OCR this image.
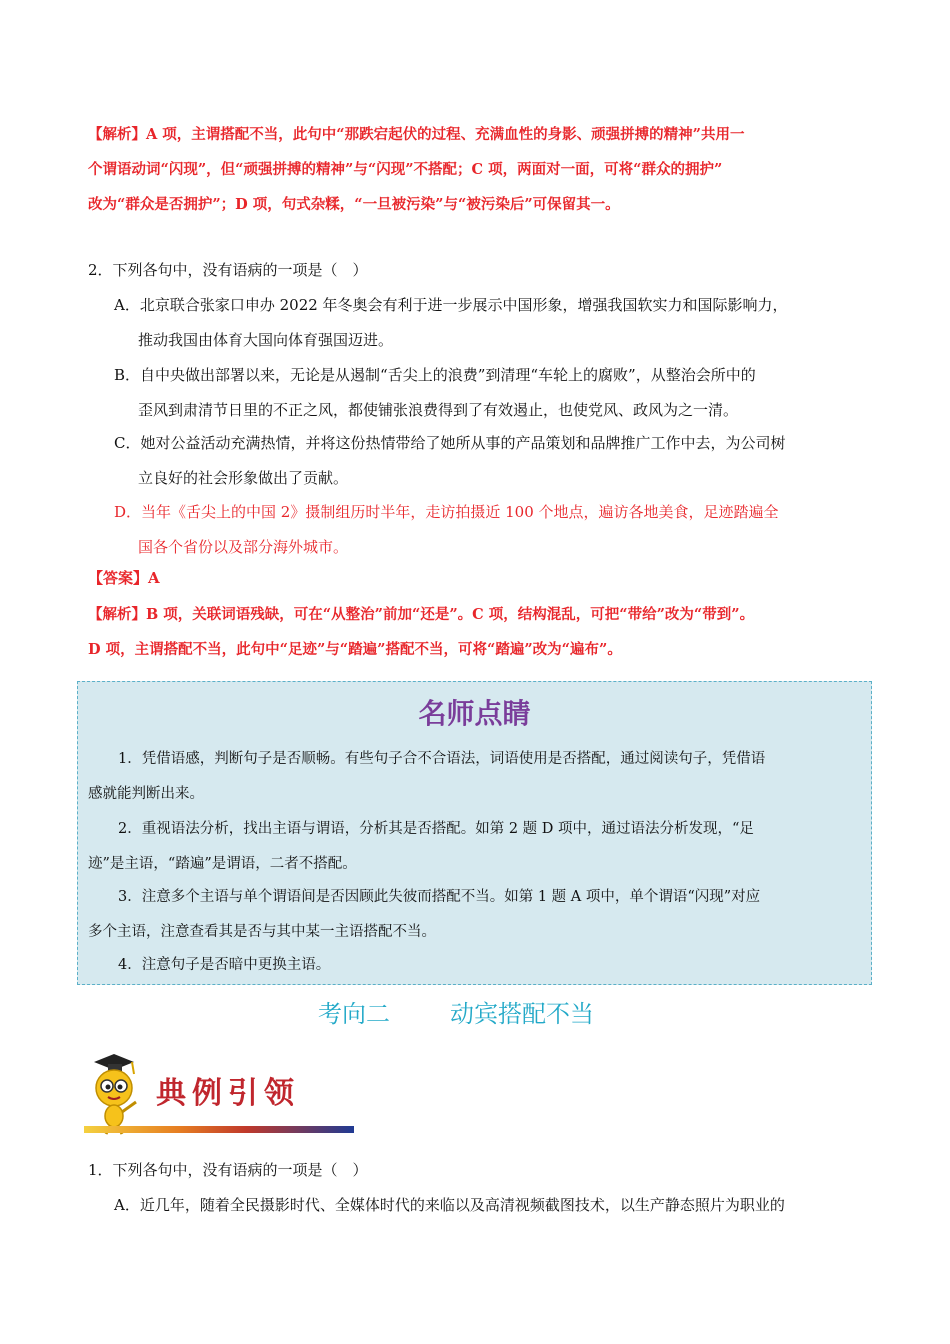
【解析】A 项，主谓搭配不当，此句中“那跌宕起伏的过程、充满血性的身影、顽强拼搏的精神”共用一
个谓语动词“闪现”，但“顽强拼搏的精神”与“闪现”不搭配；C 项，两面对一面，可将“群众的拥护”
改为“群众是否拥护”；D 项，句式杂糅，“一旦被污染”与“被污染后”可保留其一。
2．下列各句中，没有语病的一项是（　）
A．北京联合张家口申办 2022 年冬奥会有利于进一步展示中国形象，增强我国软实力和国际影响力，
推动我国由体育大国向体育强国迈进。
B．自中央做出部署以来，无论是从遏制“舌尖上的浪费”到清理“车轮上的腐败”，从整治会所中的
歪风到肃清节日里的不正之风，都使铺张浪费得到了有效遏止，也使党风、政风为之一清。
C．她对公益活动充满热情，并将这份热情带给了她所从事的产品策划和品牌推广工作中去，为公司树
立良好的社会形象做出了贡献。
D．当年《舌尖上的中国 2》摄制组历时半年，走访拍摄近 100 个地点，遍访各地美食，足迹踏遍全
国各个省份以及部分海外城市。
【答案】A
【解析】B 项，关联词语残缺，可在“从整治”前加“还是”。C 项，结构混乱，可把“带给”改为“带到”。
D 项，主谓搭配不当，此句中“足迹”与“踏遍”搭配不当，可将“踏遍”改为“遍布”。
名师点睛
1．凭借语感，判断句子是否顺畅。有些句子合不合语法，词语使用是否搭配，通过阅读句子，凭借语
感就能判断出来。
2．重视语法分析，找出主语与谓语，分析其是否搭配。如第 2 题 D 项中，通过语法分析发现，“足
迹”是主语，“踏遍”是谓语，二者不搭配。
3．注意多个主语与单个谓语间是否因顾此失彼而搭配不当。如第 1 题 A 项中，单个谓语“闪现”对应
多个主语，注意查看其是否与其中某一主语搭配不当。
4．注意句子是否暗中更换主语。
考向二	动宾搭配不当
典例引领
1．下列各句中，没有语病的一项是（　）
A．近几年，随着全民摄影时代、全媒体时代的来临以及高清视频截图技术，以生产静态照片为职业的
